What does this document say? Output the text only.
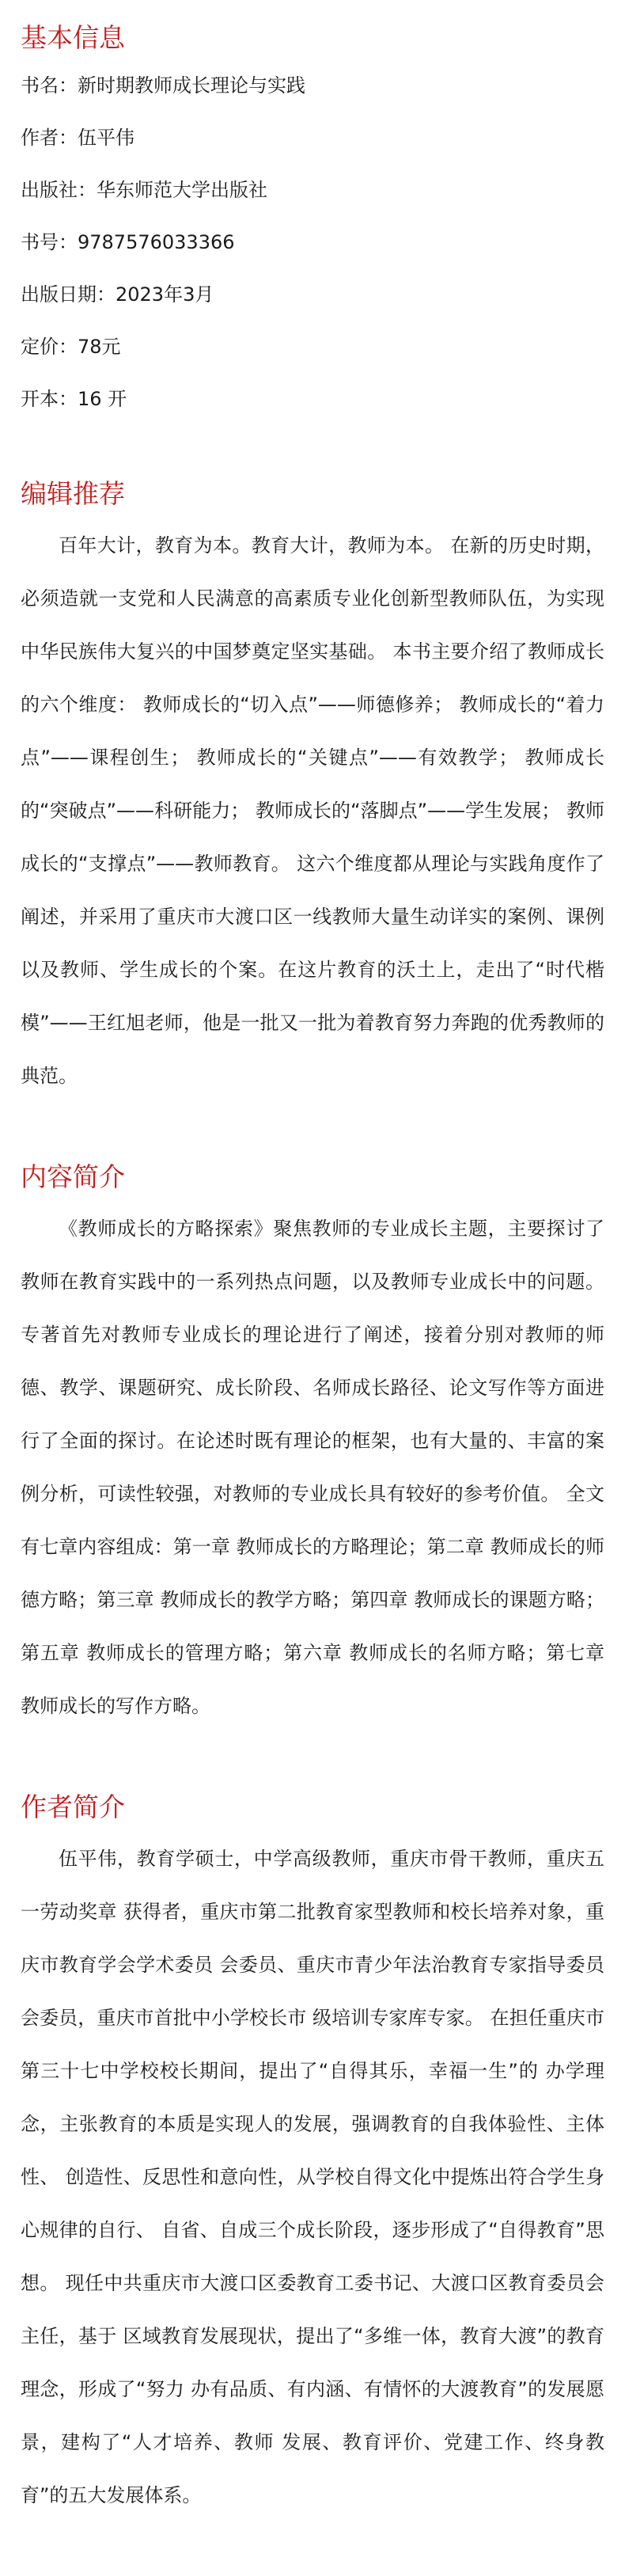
基本信息
书名：新时期教师成长理论与实践
作者：伍平伟
出版社：华东师范大学出版社
书号：9787576033366
出版日期：2023年3月
定价：78元
开本：16 开
编辑推荐

百年大计，教育为本。教育大计，教师为本。 在新的历史时期，必须造就一支党和人民满意的高素质专业化创新型教师队伍，为实现中华民族伟大复兴的中国梦奠定坚实基础。 本书主要介绍了教师成长的六个维度： 教师成长的“切入点”——师德修养； 教师成长的“着力点”——课程创生； 教师成长的“关键点”——有效教学； 教师成长的“突破点”——科研能力； 教师成长的“落脚点”——学生发展； 教师成长的“支撑点”——教师教育。 这六个维度都从理论与实践角度作了阐述，并采用了重庆市大渡口区一线教师大量生动详实的案例、课例以及教师、学生成长的个案。在这片教育的沃土上，走出了“时代楷模”——王红旭老师，他是一批又一批为着教育努力奔跑的优秀教师的典范。

内容简介

《教师成长的方略探索》聚焦教师的专业成长主题，主要探讨了教师在教育实践中的一系列热点问题，以及教师专业成长中的问题。专著首先对教师专业成长的理论进行了阐述，接着分别对教师的师德、教学、课题研究、成长阶段、名师成长路径、论文写作等方面进行了全面的探讨。在论述时既有理论的框架，也有大量的、丰富的案例分析，可读性较强，对教师的专业成长具有较好的参考价值。 全文有七章内容组成：第一章 教师成长的方略理论；第二章 教师成长的师德方略；第三章 教师成长的教学方略；第四章 教师成长的课题方略；第五章 教师成长的管理方略；第六章 教师成长的名师方略；第七章 教师成长的写作方略。

作者简介

伍平伟，教育学硕士，中学高级教师，重庆市骨干教师，重庆五一劳动奖章 获得者，重庆市第二批教育家型教师和校长培养对象，重庆市教育学会学术委员 会委员、重庆市青少年法治教育专家指导委员会委员，重庆市首批中小学校长市 级培训专家库专家。 在担任重庆市第三十七中学校校长期间，提出了“自得其乐，幸福一生”的 办学理念，主张教育的本质是实现人的发展，强调教育的自我体验性、主体性、 创造性、反思性和意向性，从学校自得文化中提炼出符合学生身心规律的自行、 自省、自成三个成长阶段，逐步形成了“自得教育”思想。 现任中共重庆市大渡口区委教育工委书记、大渡口区教育委员会主任，基于 区域教育发展现状，提出了“多维一体，教育大渡”的教育理念，形成了“努力 办有品质、有内涵、有情怀的大渡教育”的发展愿景，建构了“人才培养、教师 发展、教育评价、党建工作、终身教育”的五大发展体系。
